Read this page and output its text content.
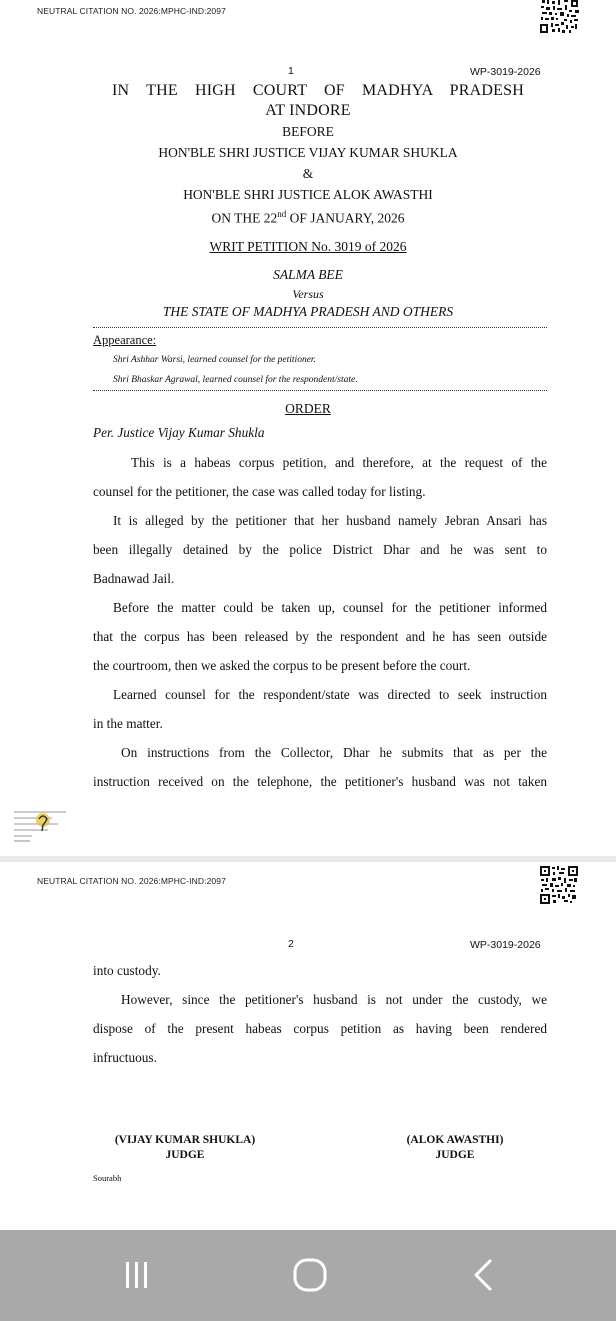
NEUTRAL CITATION NO. 2026:MPHC-IND:2097
1	WP-3019-2026
IN THE HIGH COURT OF MADHYA PRADESH
AT INDORE
BEFORE
HON'BLE SHRI JUSTICE VIJAY KUMAR SHUKLA
&
HON'BLE SHRI JUSTICE ALOK AWASTHI
ON THE 22nd OF JANUARY, 2026
WRIT PETITION No. 3019 of 2026
SALMA BEE
Versus
THE STATE OF MADHYA PRADESH AND OTHERS
Appearance:
Shri Ashhar Warsi, learned counsel for the petitioner.
Shri Bhaskar Agrawal, learned counsel for the respondent/state.
ORDER
Per. Justice Vijay Kumar Shukla
This is a habeas corpus petition, and therefore, at the request of the
counsel for the petitioner, the case was called today for listing.
It is alleged by the petitioner that her husband namely Jebran Ansari has
been illegally detained by the police District Dhar and he was sent to
Badnawad Jail.
Before the matter could be taken up, counsel for the petitioner informed
that the corpus has been released by the respondent and he has seen outside
the courtroom, then we asked the corpus to be present before the court.
Learned counsel for the respondent/state was directed to seek instruction
in the matter.
On instructions from the Collector, Dhar he submits that as per the
instruction received on the telephone, the petitioner's husband was not taken
NEUTRAL CITATION NO. 2026:MPHC-IND:2097
2	WP-3019-2026
into custody.
However, since the petitioner's husband is not under the custody, we
dispose of the present habeas corpus petition as having been rendered
infructuous.
(VIJAY KUMAR SHUKLA)
JUDGE
(ALOK AWASTHI)
JUDGE
Sourabh
